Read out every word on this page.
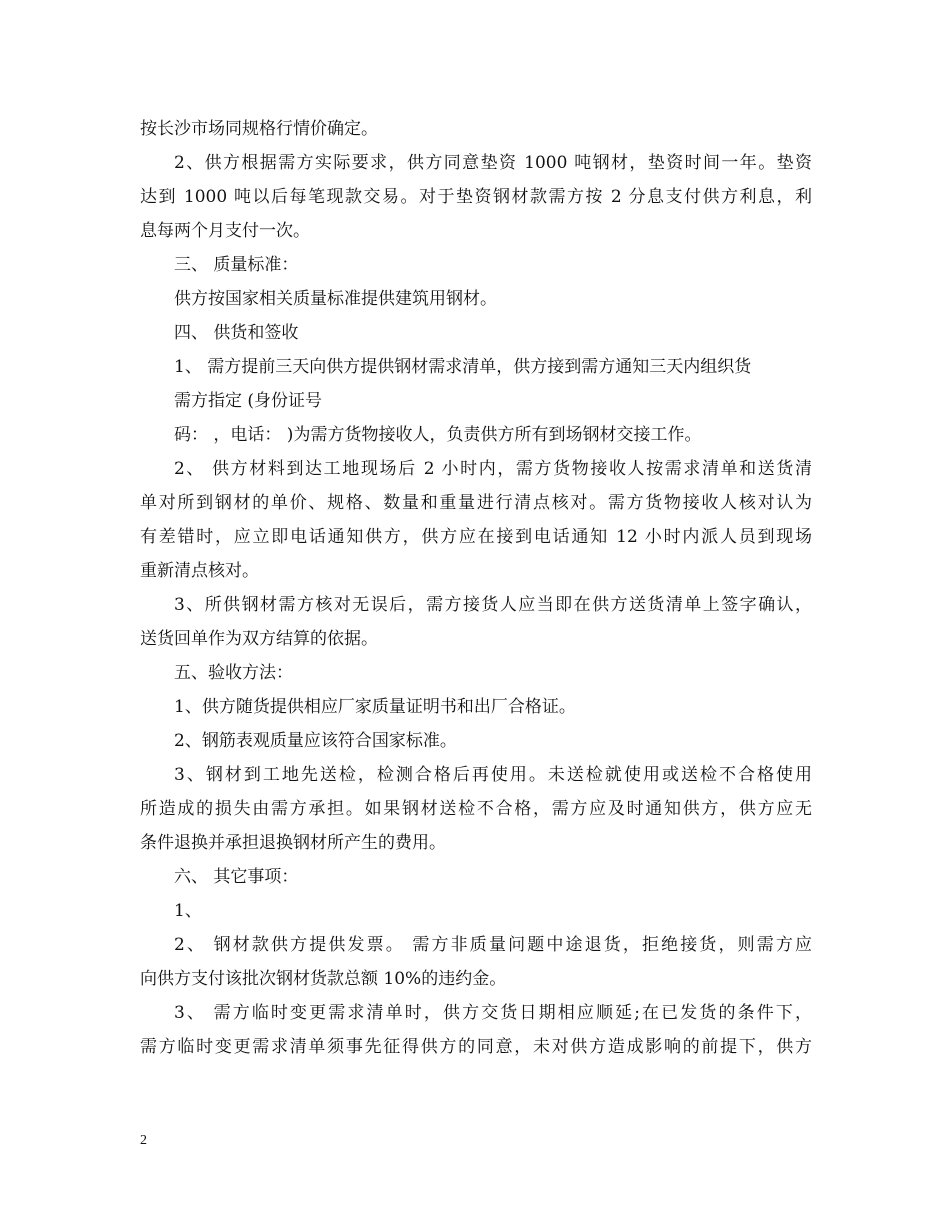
按长沙市场同规格行情价确定。

2、供方根据需方实际要求，供方同意垫资 1000 吨钢材，垫资时间一年。垫资

达到 1000 吨以后每笔现款交易。对于垫资钢材款需方按 2 分息支付供方利息，利

息每两个月支付一次。

三、 质量标准：

供方按国家相关质量标准提供建筑用钢材。

四、 供货和签收

1、 需方提前三天向供方提供钢材需求清单，供方接到需方通知三天内组织货

需方指定 (身份证号

码： ，电话： )为需方货物接收人，负责供方所有到场钢材交接工作。

2、 供方材料到达工地现场后 2 小时内，需方货物接收人按需求清单和送货清

单对所到钢材的单价、规格、数量和重量进行清点核对。需方货物接收人核对认为

有差错时，应立即电话通知供方，供方应在接到电话通知 12 小时内派人员到现场

重新清点核对。

3、所供钢材需方核对无误后，需方接货人应当即在供方送货清单上签字确认，

送货回单作为双方结算的依据。

五、验收方法：

1、供方随货提供相应厂家质量证明书和出厂合格证。

2、钢筋表观质量应该符合国家标准。

3、钢材到工地先送检，检测合格后再使用。未送检就使用或送检不合格使用

所造成的损失由需方承担。如果钢材送检不合格，需方应及时通知供方，供方应无

条件退换并承担退换钢材所产生的费用。

六、 其它事项：

1、

2、 钢材款供方提供发票。 需方非质量问题中途退货，拒绝接货，则需方应

向供方支付该批次钢材货款总额 10%的违约金。

3、 需方临时变更需求清单时，供方交货日期相应顺延;在已发货的条件下，

需方临时变更需求清单须事先征得供方的同意，未对供方造成影响的前提下，供方

2
